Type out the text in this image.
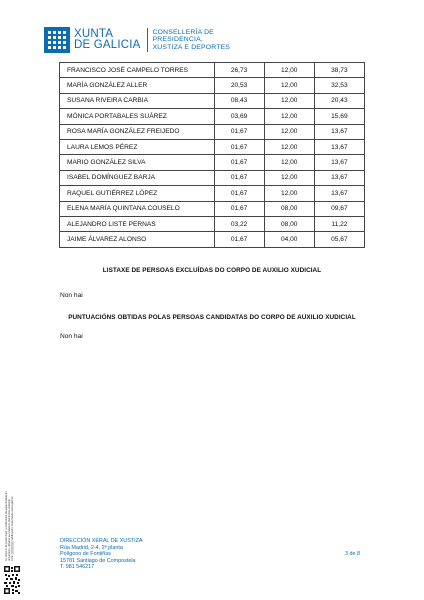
XUNTA
DE GALICIA
CONSELLERÍA DE
PRESIDENCIA,
XUSTIZA E DEPORTES
FRANCISCO JOSÉ CAMPELO TORRES	26,73	12,00	38,73
MARÍA GONZÁLEZ ALLER	20,53	12,00	32,53
SUSANA RIVEIRA CARBIA	08,43	12,00	20,43
MÓNICA PORTABALES SUÁREZ	03,69	12,00	15,69
ROSA MARÍA GONZÁLEZ FREIJEDO	01,67	12,00	13,67
LAURA LEMOS PÉREZ	01,67	12,00	13,67
MARIO GONZÁLEZ SILVA	01,67	12,00	13,67
ISABEL DOMÍNGUEZ BARJA	01,67	12,00	13,67
RAQUEL GUTIÉRREZ LÓPEZ	01,67	12,00	13,67
ELENA MARÍA QUINTANA COUSELO	01,67	08,00	09,67
ALEJANDRO LISTE PERNAS	03,22	08,00	11,22
JAIME ÁLVAREZ ALONSO	01,67	04,00	05,67
LISTAXE DE PERSOAS EXCLUÍDAS DO CORPO DE AUXILIO XUDICIAL
Non hai
PUNTUACIÓNS OBTIDAS POLAS PERSOAS CANDIDATAS DO CORPO DE AUXILIO XUDICIAL
Non hai
Ao obxecto de poder facer a verificación da autenticidade do documento, dirixirse ao enderezo electrónico indicado. CVE: ▒▒▒▒▒▒▒ Verificación: https://sede.xunta.gal/cve	DIRECCIÓN XERAL DE XUSTIZA
Rúa Madrid, 2-4, 2ª planta
Polígono de Fontiñas
15781 Santiago de Compostela
T. 981 546217
3 de 8
